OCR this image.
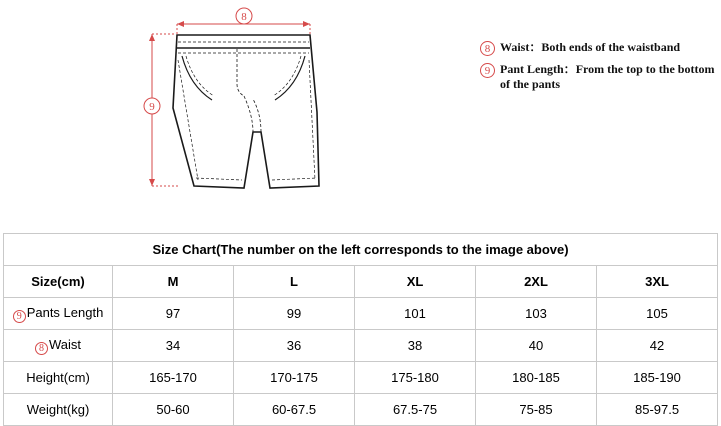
8
9
8 Waist：Both ends of the waistband
9 Pant Length：From the top to the bottom of the pants
Size Chart(The number on the left corresponds to the image above)					
Size(cm)	M	L	XL	2XL	3XL
9 Pants Length	97	99	101	103	105
8 Waist	34	36	38	40	42
Height(cm)	165-170	170-175	175-180	180-185	185-190
Weight(kg)	50-60	60-67.5	67.5-75	75-85	85-97.5
